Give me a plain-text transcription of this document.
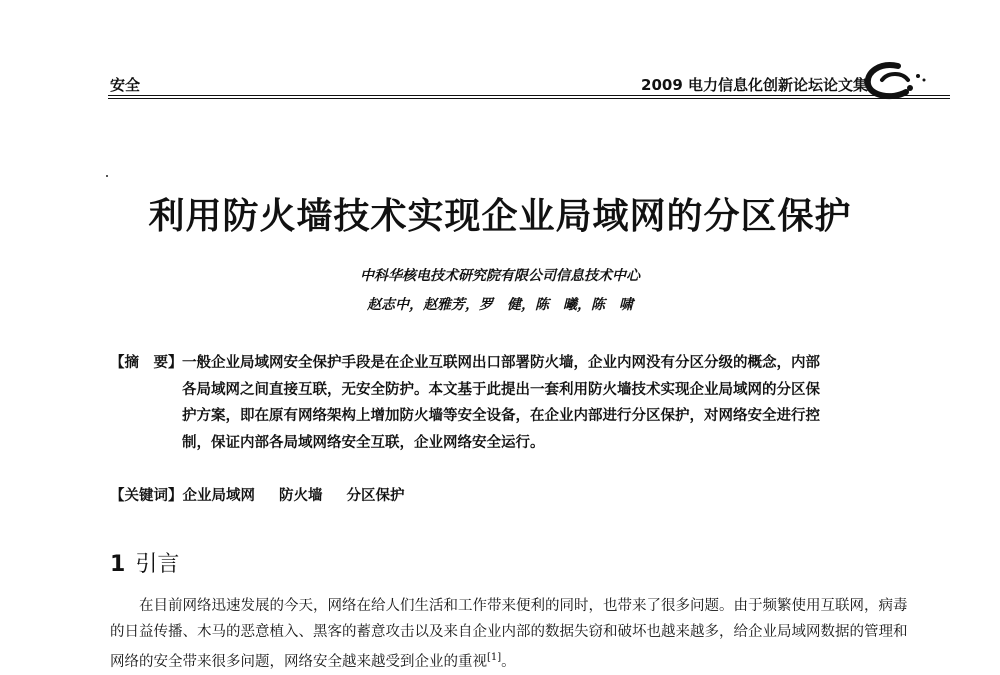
安全	2009 电力信息化创新论坛论文集
利用防火墙技术实现企业局域网的分区保护
中科华核电技术研究院有限公司信息技术中心
赵志中，赵雅芳，罗　健，陈　曦，陈　啸
【摘　要】 一般企业局域网安全保护手段是在企业互联网出口部署防火墙，企业内网没有分区分级的概念，内部各局域网之间直接互联，无安全防护。本文基于此提出一套利用防火墙技术实现企业局域网的分区保护方案，即在原有网络架构上增加防火墙等安全设备，在企业内部进行分区保护，对网络安全进行控制，保证内部各局域网络安全互联，企业网络安全运行。
【关键词】企业局域网 防火墙 分区保护
1 引言
在目前网络迅速发展的今天，网络在给人们生活和工作带来便利的同时，也带来了很多问题。由于频繁使用互联网，病毒的日益传播、木马的恶意植入、黑客的蓄意攻击以及来自企业内部的数据失窃和破坏也越来越多，给企业局域网数据的管理和网络的安全带来很多问题，网络安全越来越受到企业的重视[1]。
